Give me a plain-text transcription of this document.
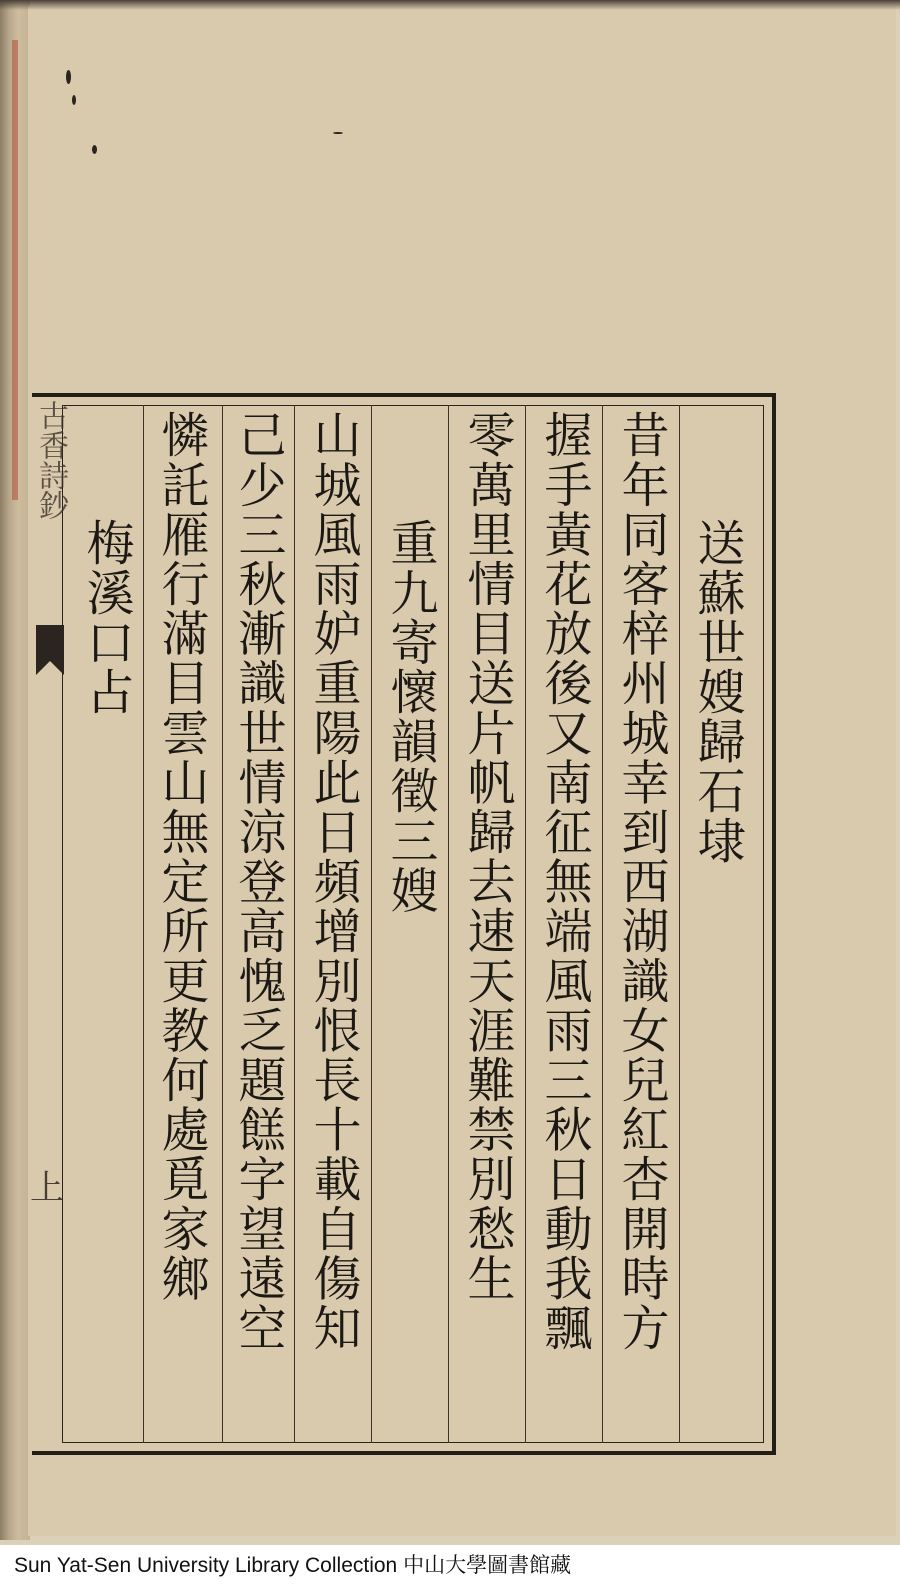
古香詩鈔
上
送蘇世嫂歸石埭
昔年同客梓州城幸到西湖識女兒紅杏開時方
握手黃花放後又南征無端風雨三秋日動我飄
零萬里情目送片帆歸去速天涯難禁別愁生
重九寄懷韻徵三嫂
山城風雨妒重陽此日頻增別恨長十載自傷知
己少三秋漸識世情涼登高愧乏題餻字望遠空
憐託雁行滿目雲山無定所更教何處覓家鄉
梅溪口占
Sun Yat-Sen University Library Collection 中山大學圖書館藏
